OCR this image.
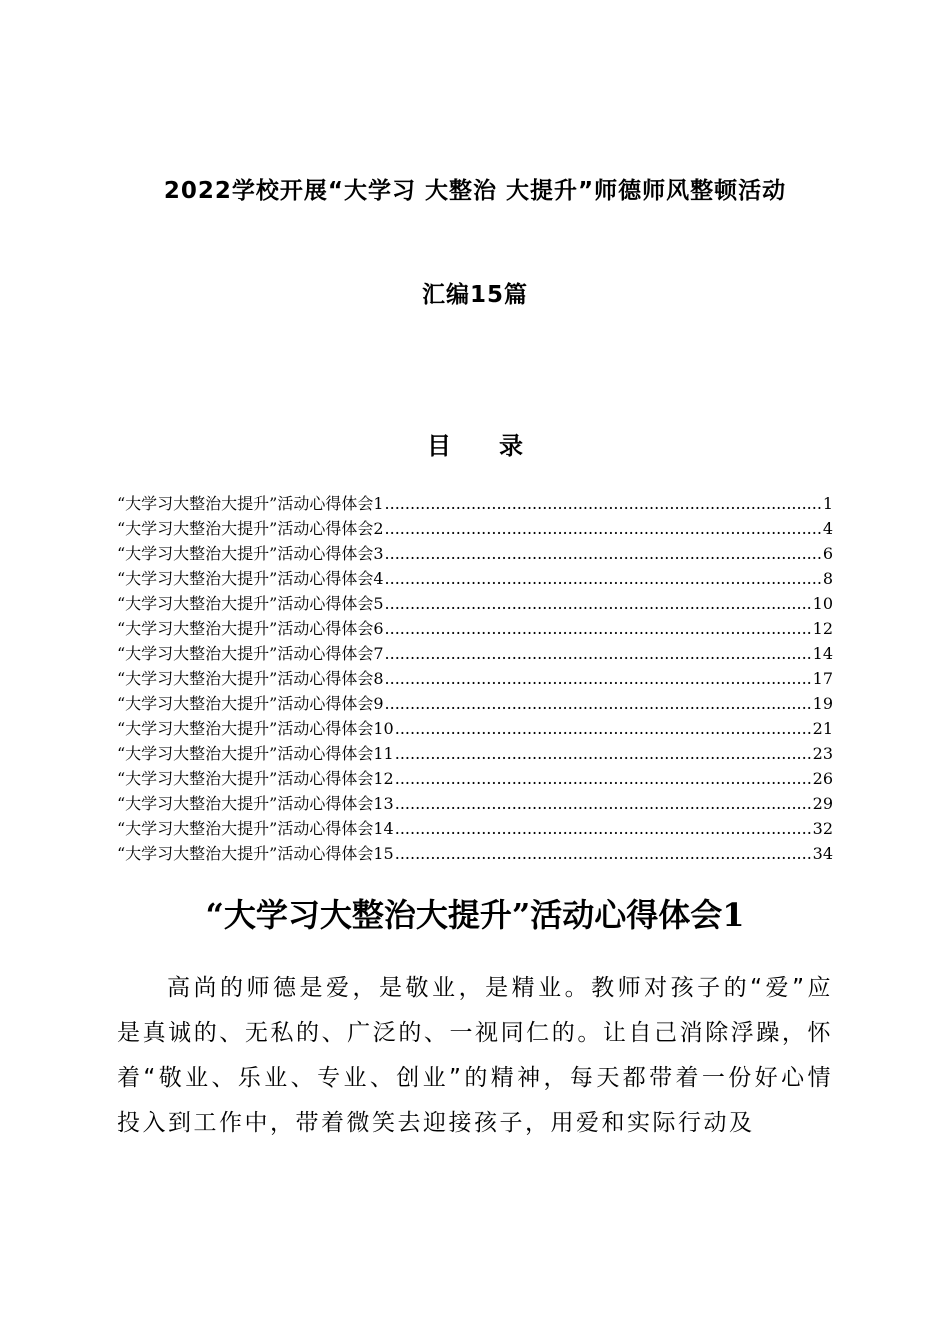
2022学校开展“大学习 大整治 大提升”师德师风整顿活动
汇编15篇
目 录
“大学习大整治大提升”活动心得体会1 .....	1
“大学习大整治大提升”活动心得体会2 .....	4
“大学习大整治大提升”活动心得体会3 .....	6
“大学习大整治大提升”活动心得体会4 .....	8
“大学习大整治大提升”活动心得体会5 .....	10
“大学习大整治大提升”活动心得体会6 .....	12
“大学习大整治大提升”活动心得体会7 .....	14
“大学习大整治大提升”活动心得体会8 .....	17
“大学习大整治大提升”活动心得体会9 .....	19
“大学习大整治大提升”活动心得体会10 .....	21
“大学习大整治大提升”活动心得体会11 .....	23
“大学习大整治大提升”活动心得体会12 .....	26
“大学习大整治大提升”活动心得体会13 .....	29
“大学习大整治大提升”活动心得体会14 .....	32
“大学习大整治大提升”活动心得体会15 .....	34
“大学习大整治大提升”活动心得体会1

高尚的师德是爱，是敬业，是精业。教师对孩子的“爱”应是真诚的、无私的、广泛的、一视同仁的。让自己消除浮躁，怀着“敬业、乐业、专业、创业”的精神，每天都带着一份好心情投入到工作中，带着微笑去迎接孩子，用爱和实际行动及
